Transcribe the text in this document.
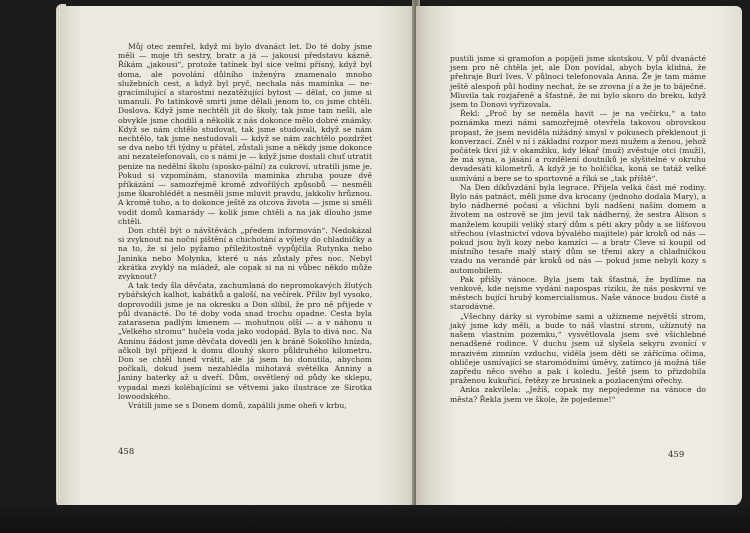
Můj otec zemřel, když mi bylo dvanáct let. Do té doby jsme měli — moje tři sestry, bratr a já — jakousi představu kázně. Říkám „jakousi“, protože tatínek byl sice velmi přísný, když byl doma, ale povolání důlního inženýra znamenalo mnoho služebních cest, a když byl pryč, nechala nás maminka — ne-gracímilující a starostmi nezatěžující bytost — dělat, co jsme si umanuli. Po tatínkově smrti jsme dělali jenom to, co jsme chtěli. Doslova. Když jsme nechtěli jít do školy, tak jsme tam nešli, ale obvykle jsme chodili a několik z nás dokonce mělo dobré známky. Když se nám chtělo studovat, tak jsme studovali, když se nám nechtělo, tak jsme nestudovali — když se nám zachtělo pozdržet se dva nebo tři týdny u přátel, zůstali jsme a někdy jsme dokonce ani nezatelefonovali, co s námi je — když jsme dostali chuť utratit peníze na nedělní školu (sposko-pální) za cukroví, utratili jsme je. Pokud si vzpomínám, stanovila maminka zhruba pouze dvě příkázání — samozřejmě kromě zdvořilých způsobů — nesměli jsme škarohlédět a nesměli jsme mluvit pravdu, jakkoliv hrůznou. A kromě toho, a to dokonce ještě za otcova života — jsme si směli vodit domů kamarády — kolik jsme chtěli a na jak dlouho jsme chtěli.

Don chtěl být o návštěvách „předem informován“. Nedokázal si zvyknout na noční pištění a chichotání a výlety do chladničky a na to, že si jelo pyžamo příležitostně vypůjčila Rutynka nebo Janinka nebo Molynka, které u nás zůstaly přes noc. Nebyl zkrátka zvyklý na mládež, ale copak si na ni vůbec někdo může zvyknout?

A tak tedy šla děvčata, zachumlaná do nepromokavých žlutých rybářských kalhot, kabátků a galoší, na večírek. Příliv byl vysoko, doprovodili jsme je na okresku a Don slíbil, že pro ně přijede v půl dvanácté. Do té doby voda snad trochu opadne. Cesta byla zatarasena padlým kmenem — mohutnou olší — a v náhonu u „Velkého stromu“ hučela voda jako vodopád. Byla to divá noc. Na Anninu žádost jsme děvčata dovedli jen k bráně Sokolího hnízda, ačkoli byl přijezd k domu dlouhý skoro půldruhého kilometru. Don se chtěl hned vrátit, ale já jsem ho donutila, abychom počkali, dokud jsem nezahlédla mihotavá světélka Anniny a Janiny baterky až u dveří. Dům, osvětlený od půdy ke sklepu, vypadal mezi kolébajícími se větvemi jako ilustrace ze Sirotka lowoodského.

Vrátili jsme se s Donem domů, zapálili jsme oheň v krbu,

458

pustili jsme si gramofon a popíjeli jsme skotskou. V půl dvanácté jsem pro ně chtěla jet, ale Don povídal, abych byla klidná, že přehraje Burl Ives. V půlnoci telefonovala Anna. Že je tam máme ještě alespoň půl hodiny nechat, že se zrovna jí a že je to báječné. Mluvila tak rozjařeně a šťastně, že mi bylo skoro do breku, když jsem to Donovi vyřizovala.

Řekl: „Proč by se neměla bavit — je na večírku,“ a tato poznámka mezi námi samozřejmě otevřela takovou obrovskou propast, že jsem neviděla nižádný smysl v pokusech překlenout ji konverzací. Zněl v ní i základní rozpor mezi mužem a ženou, jehož počátek tkví již v okamžiku, kdy lékař (muž) zvěstuje otci (muži), že má syna, a jásání a rozdělení doutníků je slyšitelné v okruhu devadesáti kilometrů. A když je to holčička, koná se tatáž velké usmívání a bere se to sportovně a říká se „tak příště“.

Na Den díkůvzdání byla legrace. Přijela velká část mé rodiny. Bylo nás patnáct, měli jsme dva krocany (jednoho dodala Mary), a bylo nádherné počasí a všichni byli nadšeni naším domem a životem na ostrově se jim jevil tak nádherný, že sestra Alison s manželem koupili veliký starý dům s pěti akry půdy a se lišťovou střechou (vlastnictví vdova bývalého majitele) pár kroků od nás — pokud jsou byli kozy nebo kamzíci — a bratr Cleve si koupil od místního tesaře malý starý dům se třemi akry a chladničkou vzadu na verandě pár kroků od nás — pokud jsme nebyli kozy s automobilem.

Pak přišly vánoce. Byla jsem tak šťastná, že bydlíme na venkově, kde nejsme vydáni napospas riziku, že nás poskvrní ve městech bující hrubý komercialismus. Naše vánoce budou čisté a starodávné.

„Všechny dárky si vyrobíme sami a užízneme největší strom, jaký jsme kdy měli, a bude to náš vlastní strom, užíznutý na našem vlastním pozemku,“ vysvětlovala jsem své všichlebné nenadšené rodince. V duchu jsem už slyšela sekyru zvonící v mrazivém zimním vzduchu, viděla jsem děti se zářícíma očima, obličeje usmívající se staromódními úměvy, zatímco já možná tiše zapředu něco svého a pak i koledu. Ještě jsem to přizdobila praženou kukuřicí, řetězy ze brusinek a pozlacenými ořechy.

Anka zakvílela: „Ježíš, copak my nepojedeme na vánoce do města? Řekla jsem ve škole, že pojedeme!“

459
